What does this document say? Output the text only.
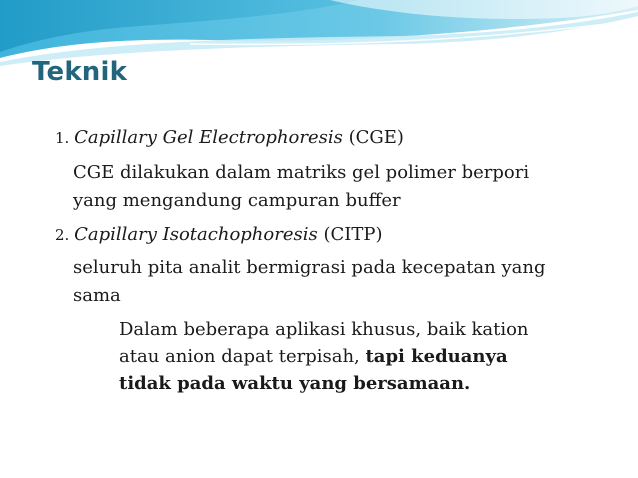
Teknik
1. Capillary Gel Electrophoresis (CGE)
CGE dilakukan dalam matriks gel polimer berpori
yang mengandung campuran buffer
2. Capillary Isotachophoresis (CITP)
seluruh pita analit bermigrasi pada kecepatan yang
sama
Dalam beberapa aplikasi khusus, baik kation
atau anion dapat terpisah, tapi keduanya
tidak pada waktu yang bersamaan.
